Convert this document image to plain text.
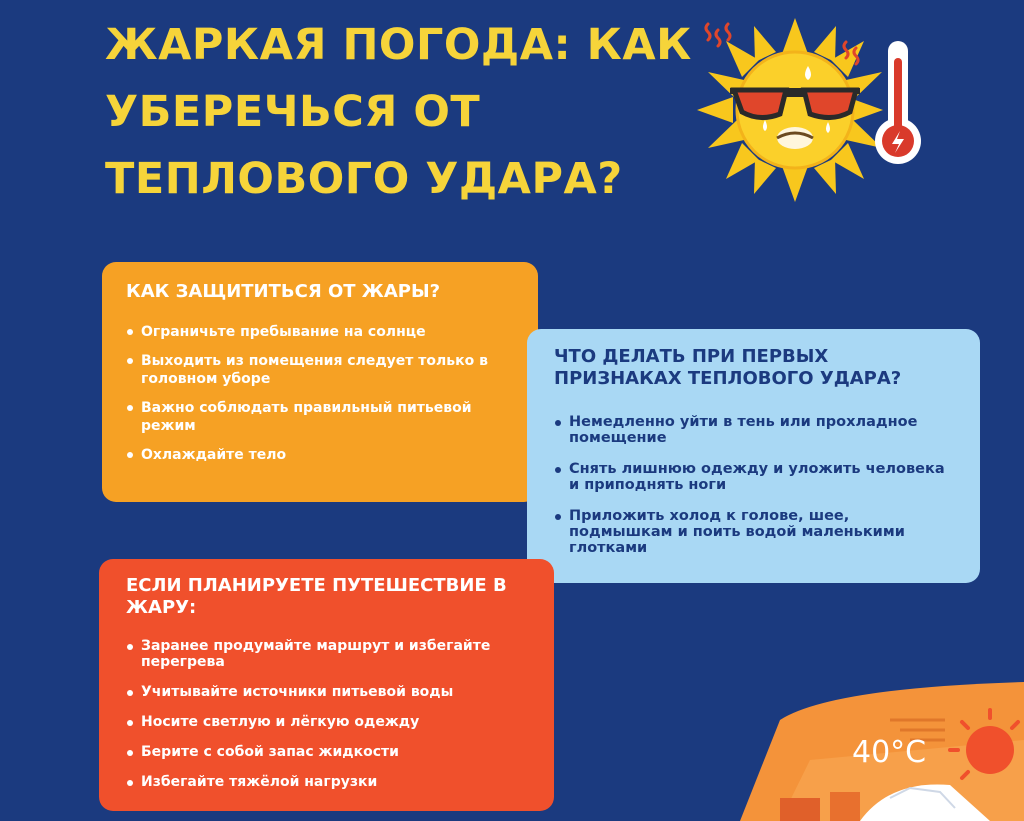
ЖАРКАЯ ПОГОДА: КАК
УБЕРЕЧЬСЯ ОТ
ТЕПЛОВОГО УДАРА?
КАК ЗАЩИТИТЬСЯ ОТ ЖАРЫ?
Ограничьте пребывание на солнце
Выходить из помещения следует только в головном уборе
Важно соблюдать правильный питьевой режим
Охлаждайте тело
ЧТО ДЕЛАТЬ ПРИ ПЕРВЫХ ПРИЗНАКАХ ТЕПЛОВОГО УДАРА?
Немедленно уйти в тень или прохладное помещение
Снять лишнюю одежду и уложить человека и приподнять ноги
Приложить холод к голове, шее, подмышкам и поить водой маленькими глотками
ЕСЛИ ПЛАНИРУЕТЕ ПУТЕШЕСТВИЕ В ЖАРУ:
Заранее продумайте маршрут и избегайте перегрева
Учитывайте источники питьевой воды
Носите светлую и лёгкую одежду
Берите с собой запас жидкости
Избегайте тяжёлой нагрузки
40°C
